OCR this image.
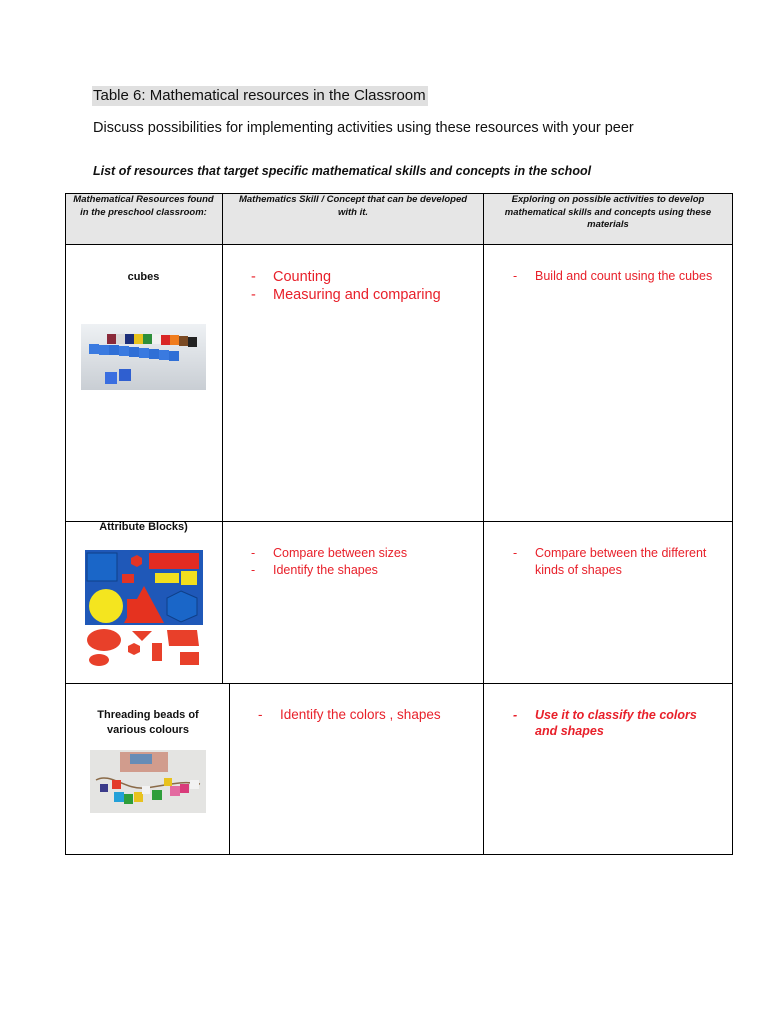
Table 6: Mathematical resources in the Classroom
Discuss possibilities for implementing activities using these resources with your peer
List of resources that target specific mathematical skills and concepts in the school
Mathematical Resources found in the preschool classroom:
Mathematics Skill / Concept that can be developed with it.
Exploring on possible activities to develop mathematical skills and concepts using these materials
cubes	- Counting
- Measuring and comparing
- Build and count using the cubes
Attribute Blocks)
- Compare between sizes
- Identify the shapes
- Compare between the different kinds of shapes
Threading beads of various colours
- Identify the colors , shapes	- Use it to classify the colors and shapes
